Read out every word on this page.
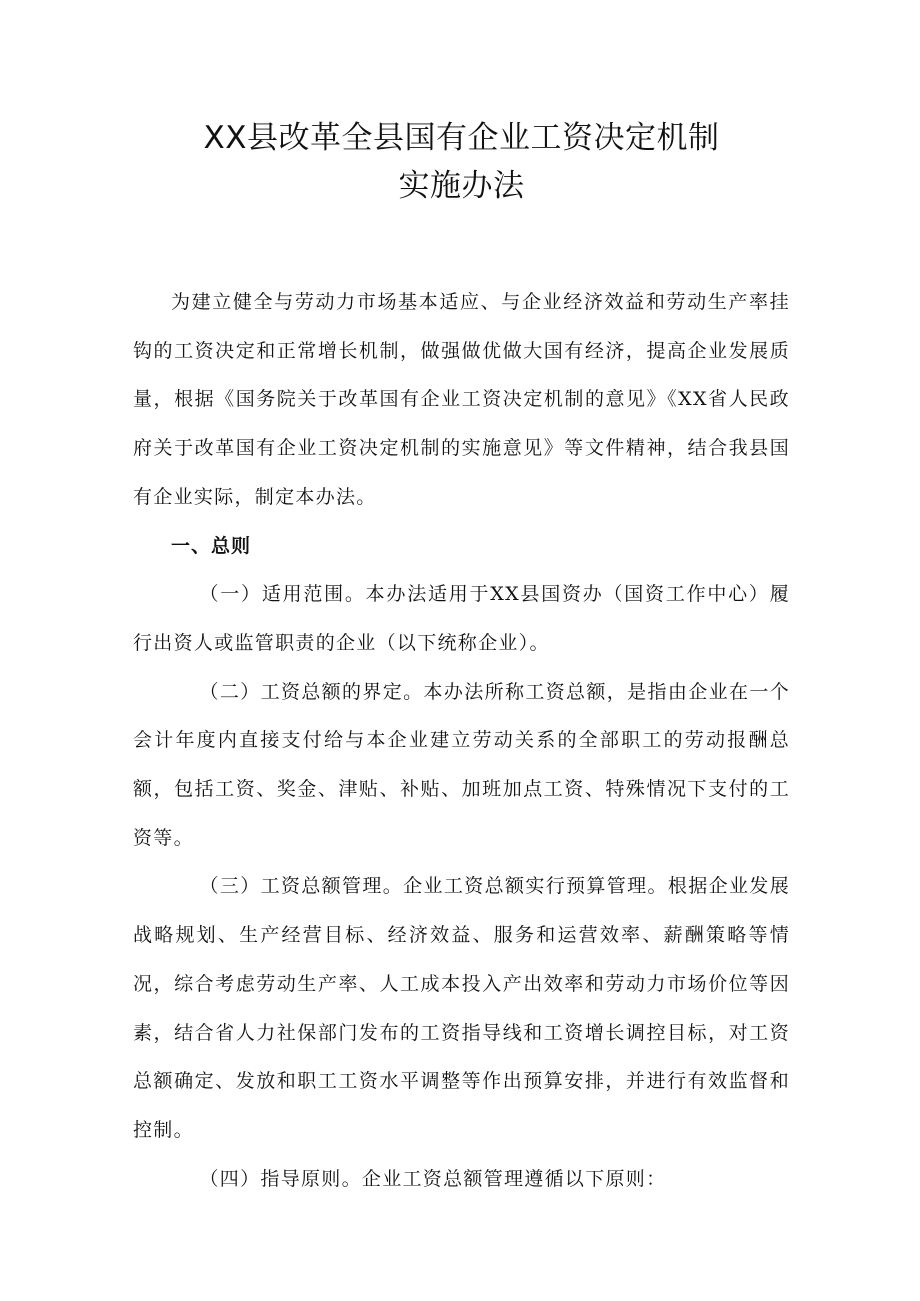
XX县改革全县国有企业工资决定机制
实施办法

为建立健全与劳动力市场基本适应、与企业经济效益和劳动生产率挂钩的工资决定和正常增长机制，做强做优做大国有经济，提高企业发展质量，根据《国务院关于改革国有企业工资决定机制的意见》《XX省人民政府关于改革国有企业工资决定机制的实施意见》等文件精神，结合我县国有企业实际，制定本办法。

一、总则

（一）适用范围。本办法适用于XX县国资办（国资工作中心）履行出资人或监管职责的企业（以下统称企业）。

（二）工资总额的界定。本办法所称工资总额，是指由企业在一个会计年度内直接支付给与本企业建立劳动关系的全部职工的劳动报酬总额，包括工资、奖金、津贴、补贴、加班加点工资、特殊情况下支付的工资等。

（三）工资总额管理。企业工资总额实行预算管理。根据企业发展战略规划、生产经营目标、经济效益、服务和运营效率、薪酬策略等情况，综合考虑劳动生产率、人工成本投入产出效率和劳动力市场价位等因素，结合省人力社保部门发布的工资指导线和工资增长调控目标，对工资总额确定、发放和职工工资水平调整等作出预算安排，并进行有效监督和控制。

（四）指导原则。企业工资总额管理遵循以下原则：
